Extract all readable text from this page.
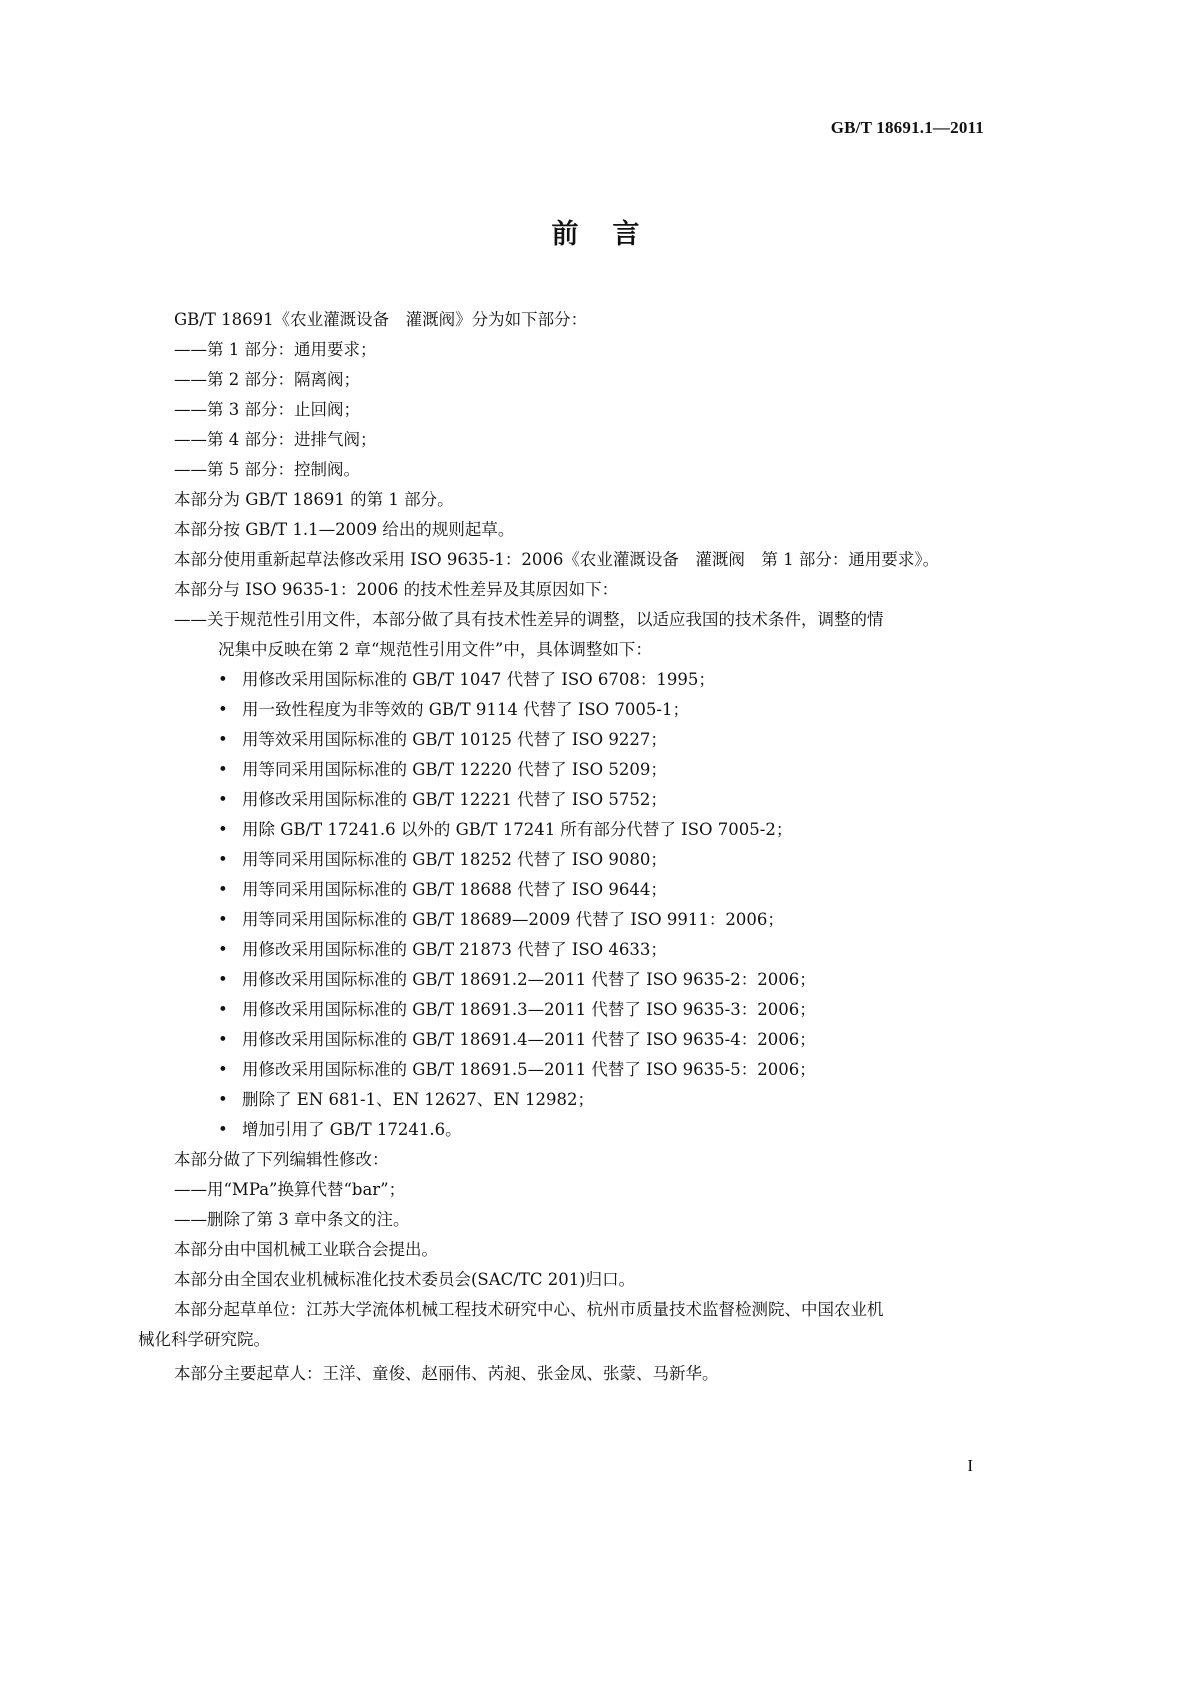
GB/T 18691.1—2011
前言
GB/T 18691《农业灌溉设备　灌溉阀》分为如下部分：
——第 1 部分：通用要求；
——第 2 部分：隔离阀；
——第 3 部分：止回阀；
——第 4 部分：进排气阀；
——第 5 部分：控制阀。
本部分为 GB/T 18691 的第 1 部分。
本部分按 GB/T 1.1—2009 给出的规则起草。
本部分使用重新起草法修改采用 ISO 9635-1：2006《农业灌溉设备　灌溉阀　第 1 部分：通用要求》。
本部分与 ISO 9635-1：2006 的技术性差异及其原因如下：
——关于规范性引用文件，本部分做了具有技术性差异的调整，以适应我国的技术条件，调整的情
况集中反映在第 2 章“规范性引用文件”中，具体调整如下：
• 用修改采用国际标准的 GB/T 1047 代替了 ISO 6708：1995；
• 用一致性程度为非等效的 GB/T 9114 代替了 ISO 7005-1；
• 用等效采用国际标准的 GB/T 10125 代替了 ISO 9227；
• 用等同采用国际标准的 GB/T 12220 代替了 ISO 5209；
• 用修改采用国际标准的 GB/T 12221 代替了 ISO 5752；
• 用除 GB/T 17241.6 以外的 GB/T 17241 所有部分代替了 ISO 7005-2；
• 用等同采用国际标准的 GB/T 18252 代替了 ISO 9080；
• 用等同采用国际标准的 GB/T 18688 代替了 ISO 9644；
• 用等同采用国际标准的 GB/T 18689—2009 代替了 ISO 9911：2006；
• 用修改采用国际标准的 GB/T 21873 代替了 ISO 4633；
• 用修改采用国际标准的 GB/T 18691.2—2011 代替了 ISO 9635-2：2006；
• 用修改采用国际标准的 GB/T 18691.3—2011 代替了 ISO 9635-3：2006；
• 用修改采用国际标准的 GB/T 18691.4—2011 代替了 ISO 9635-4：2006；
• 用修改采用国际标准的 GB/T 18691.5—2011 代替了 ISO 9635-5：2006；
• 删除了 EN 681-1、EN 12627、EN 12982；
• 增加引用了 GB/T 17241.6。
本部分做了下列编辑性修改：
——用“MPa”换算代替“bar”；
——删除了第 3 章中条文的注。
本部分由中国机械工业联合会提出。
本部分由全国农业机械标准化技术委员会(SAC/TC 201)归口。
本部分起草单位：江苏大学流体机械工程技术研究中心、杭州市质量技术监督检测院、中国农业机
械化科学研究院。
本部分主要起草人：王洋、童俊、赵丽伟、芮昶、张金凤、张蒙、马新华。
I
